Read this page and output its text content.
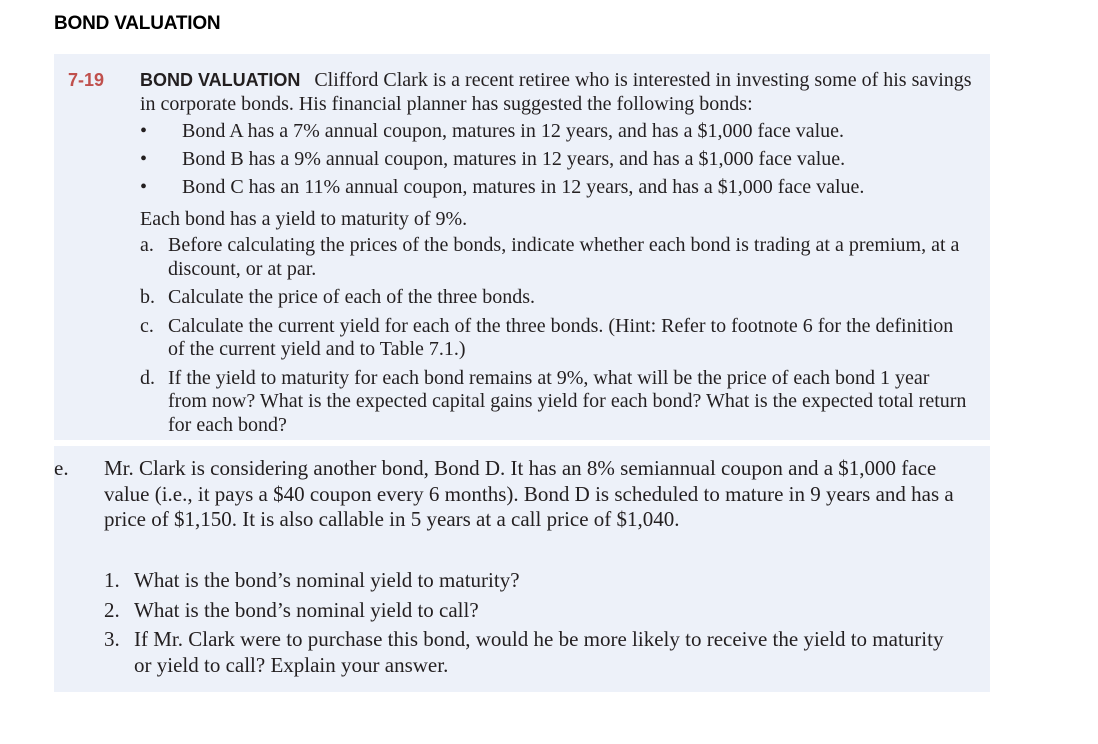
BOND VALUATION
7-19 BOND VALUATION Clifford Clark is a recent retiree who is interested in investing some of his savings in corporate bonds. His financial planner has suggested the following bonds:

• Bond A has a 7% annual coupon, matures in 12 years, and has a $1,000 face value.
• Bond B has a 9% annual coupon, matures in 12 years, and has a $1,000 face value.
• Bond C has an 11% annual coupon, matures in 12 years, and has a $1,000 face value.

Each bond has a yield to maturity of 9%.

a. Before calculating the prices of the bonds, indicate whether each bond is trading at a premium, at a discount, or at par.
b. Calculate the price of each of the three bonds.
c. Calculate the current yield for each of the three bonds. (Hint: Refer to footnote 6 for the definition of the current yield and to Table 7.1.)
d. If the yield to maturity for each bond remains at 9%, what will be the price of each bond 1 year from now? What is the expected capital gains yield for each bond? What is the expected total return for each bond?

e.	Mr. Clark is considering another bond, Bond D. It has an 8% semiannual coupon and a $1,000 face value (i.e., it pays a $40 coupon every 6 months). Bond D is scheduled to mature in 9 years and has a price of $1,150. It is also callable in 5 years at a call price of $1,040.

1. What is the bond’s nominal yield to maturity?
2. What is the bond’s nominal yield to call?
3. If Mr. Clark were to purchase this bond, would he be more likely to receive the yield to maturity or yield to call? Explain your answer.
